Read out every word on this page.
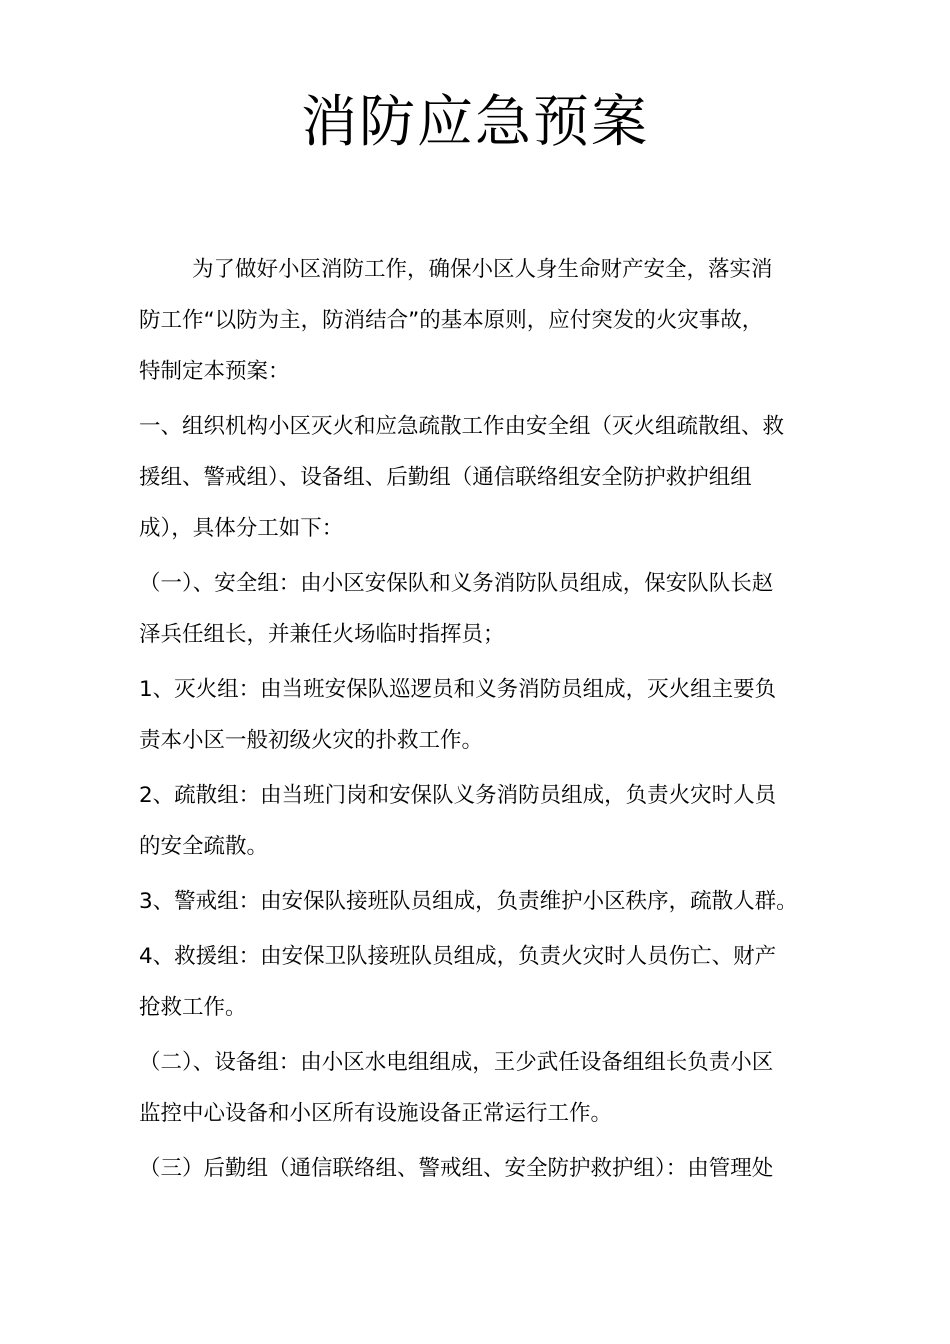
消防应急预案

为了做好小区消防工作，确保小区人身生命财产安全，落实消
防工作“以防为主，防消结合”的基本原则，应付突发的火灾事故，
特制定本预案：

一、组织机构小区灭火和应急疏散工作由安全组（灭火组疏散组、救
援组、警戒组）、设备组、后勤组（通信联络组安全防护救护组组
成），具体分工如下：

（一）、安全组：由小区安保队和义务消防队员组成，保安队队长赵
泽兵任组长，并兼任火场临时指挥员；

1、灭火组：由当班安保队巡逻员和义务消防员组成，灭火组主要负
责本小区一般初级火灾的扑救工作。

2、疏散组：由当班门岗和安保队义务消防员组成，负责火灾时人员
的安全疏散。

3、警戒组：由安保队接班队员组成，负责维护小区秩序，疏散人群。

4、救援组：由安保卫队接班队员组成，负责火灾时人员伤亡、财产
抢救工作。

（二）、设备组：由小区水电组组成，王少武任设备组组长负责小区
监控中心设备和小区所有设施设备正常运行工作。

（三）后勤组（通信联络组、警戒组、安全防护救护组）：由管理处
